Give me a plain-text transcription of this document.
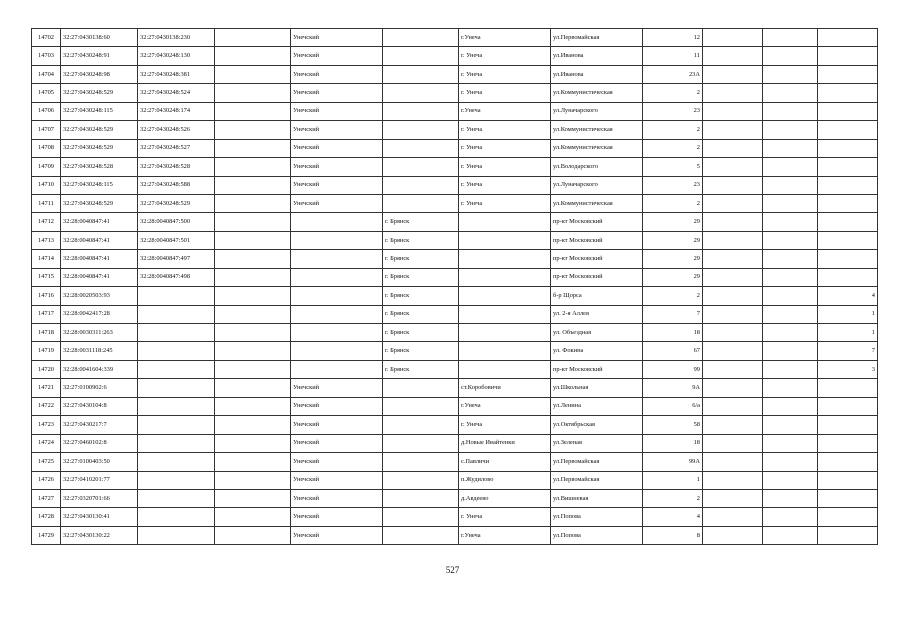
14702	32:27:0430138:60	32:27:0430138:230		Унечский		г.Унеча	ул.Первомайская	12			
14703	32:27:0430248:91	32:27:0430248:130		Унечский		г. Унеча	ул.Иванова	11			
14704	32:27:0430248:98	32:27:0430248:381		Унечский		г. Унеча	ул.Иванова	23А			
14705	32:27:0430248:529	32:27:0430248:524		Унечский		г. Унеча	ул.Коммунистическая	2			
14706	32:27:0430248:115	32:27:0430248:174		Унечский		г.Унеча	ул.Луначарского	23			
14707	32:27:0430248:529	32:27:0430248:526		Унечский		г. Унеча	ул.Коммунистическая	2			
14708	32:27:0430248:529	32:27:0430248:527		Унечский		г. Унеча	ул.Коммунистическая	2			
14709	32:27:0430248:528	32:27:0430248:528		Унечский		г. Унеча	ул.Володарского	5			
14710	32:27:0430248:115	32:27:0430248:588		Унечский		г. Унеча	ул.Луначарского	23			
14711	32:27:0430248:529	32:27:0430248:529		Унечский		г. Унеча	ул.Коммунистическая	2			
14712	32:28:0040847:41	32:28:0040847:500			г. Брянск		пр-кт Московский	29			
14713	32:28:0040847:41	32:28:0040847:501			г. Брянск		пр-кт Московский	29			
14714	32:28:0040847:41	32:28:0040847:497			г. Брянск		пр-кт Московский	29			
14715	32:28:0040847:41	32:28:0040847:498			г. Брянск		пр-кт Московский	29			
14716	32:28:0020503:93				г. Брянск		б-р Щорса	2			4
14717	32:28:0042417:28				г. Брянск		ул. 2-я Аллея	7			1
14718	32:28:0030311:263				г. Брянск		ул. Объездная	18			1
14719	32:28:0031118:245				г. Брянск		ул. Фокина	67			7
14720	32:28:0041604:339				г. Брянск		пр-кт Московский	99			3
14721	32:27:0100902:6			Унечский		ст.Коробовичи	ул.Школьная	9А			
14722	32:27:0430104:8			Унечский		г.Унеча	ул.Ленина	6/а			
14723	32:27:0430217:7			Унечский		г. Унеча	ул.Октябрьская	58			
14724	32:27:0460102:8			Унечский		д.Новые Ивайтенки	ул.Зеленая	18			
14725	32:27:0100403:50			Унечский		с.Павличи	ул.Первомайская	99А			
14726	32:27:0410201:77			Унечский		п.Жудилово	ул.Первомайская	1			
14727	32:27:0320701:66			Унечский		д.Авдеево	ул.Вишневая	2			
14728	32:27:0430130:41			Унечский		г. Унеча	ул.Попова	4			
14729	32:27:0430130:22			Унечский		г.Унеча	ул.Попова	8			
527
